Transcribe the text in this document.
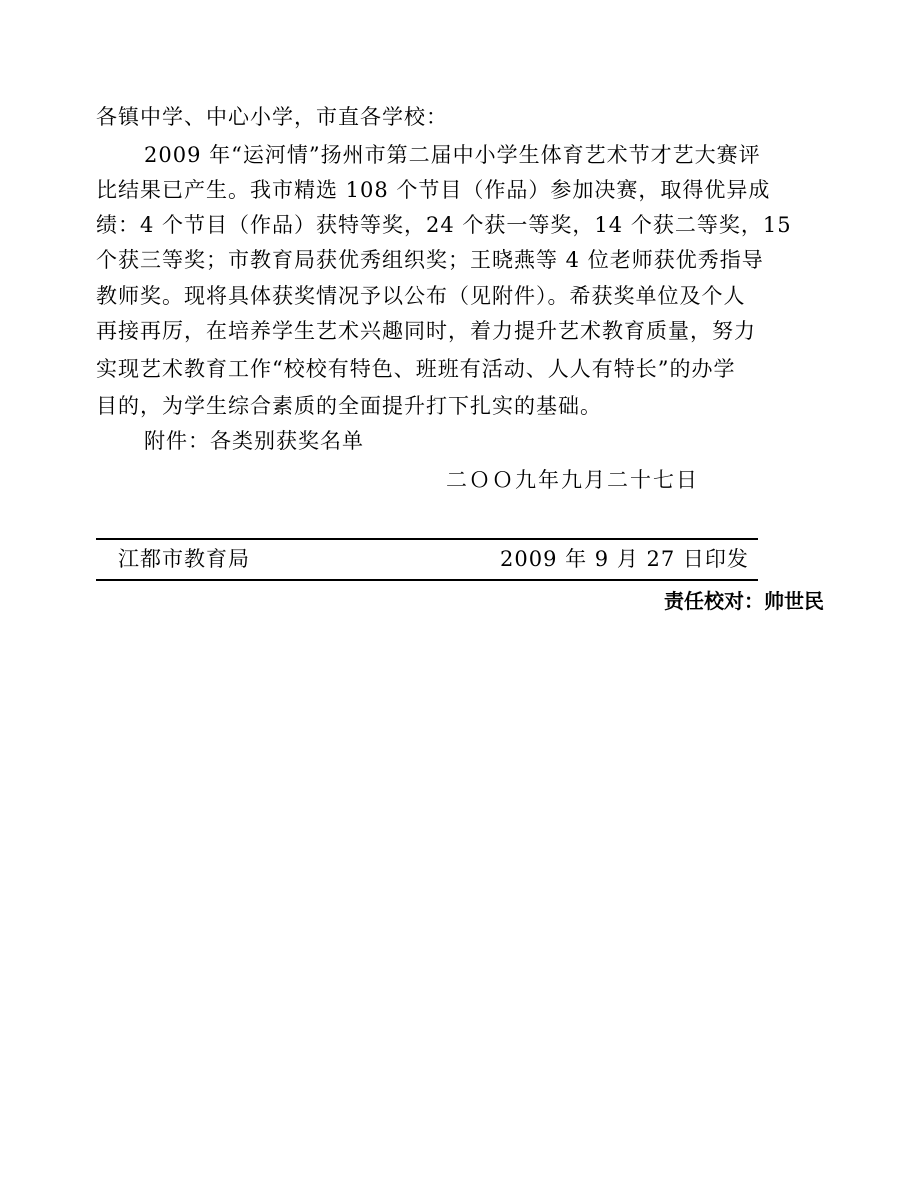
各镇中学、中心小学，市直各学校：
2009 年“运河情”扬州市第二届中小学生体育艺术节才艺大赛评
比结果已产生。我市精选 108 个节目（作品）参加决赛，取得优异成
绩：4 个节目（作品）获特等奖，24 个获一等奖，14 个获二等奖，15
个获三等奖；市教育局获优秀组织奖；王晓燕等 4 位老师获优秀指导
教师奖。现将具体获奖情况予以公布（见附件）。希获奖单位及个人
再接再厉，在培养学生艺术兴趣同时，着力提升艺术教育质量，努力
实现艺术教育工作“校校有特色、班班有活动、人人有特长”的办学
目的，为学生综合素质的全面提升打下扎实的基础。
附件：各类别获奖名单
二ＯＯ九年九月二十七日
江都市教育局	2009 年 9 月 27 日印发
责任校对：帅世民
